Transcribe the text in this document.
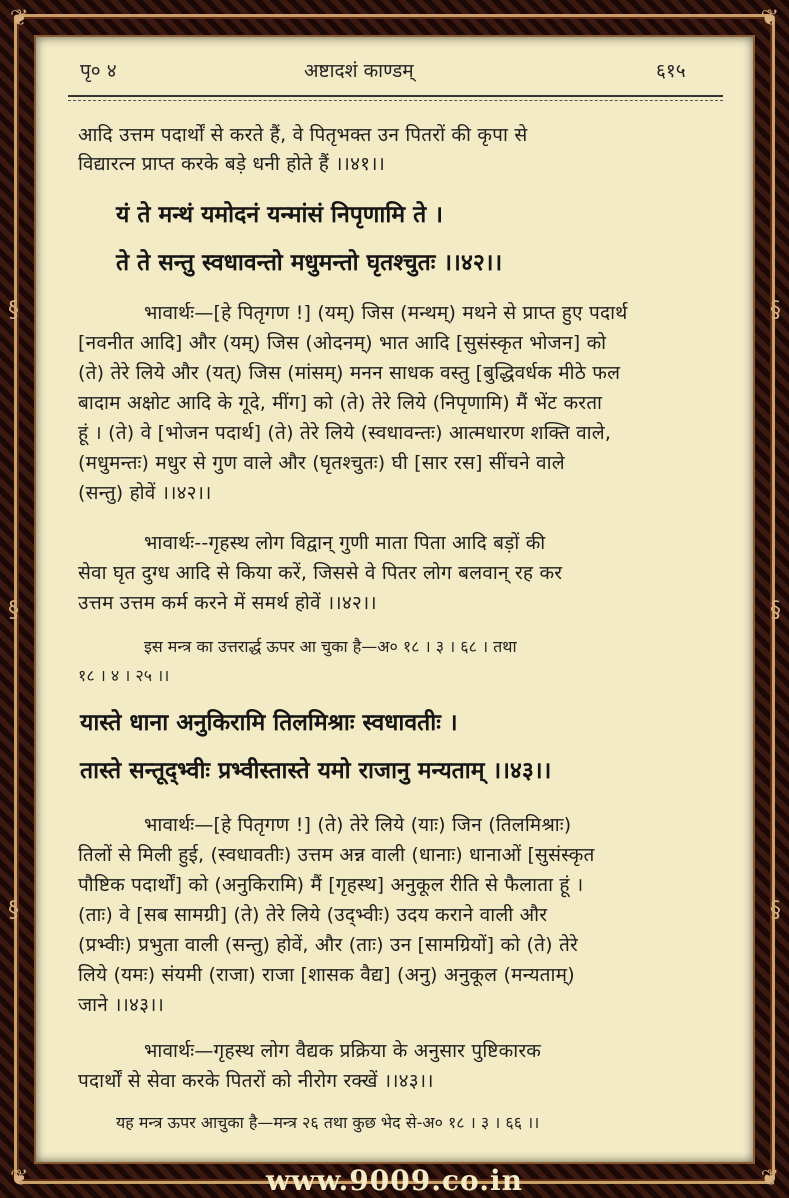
❦	❦
❦	❦
§
§
§
§
§
§
पृ० ४	अष्टादशं काण्डम्	६१५
आदि उत्तम पदार्थों से करते हैं, वे पितृभक्त उन पितरों की कृपा से
विद्यारत्न प्राप्त करके बड़े धनी होते हैं ।।४१।।
यं ते मन्थं यमोदनं यन्मांसं निपृणामि ते ।
ते ते सन्तु स्वधावन्तो मधुमन्तो घृतश्चुतः ।।४२।।
भावार्थः—[हे पितृगण !] (यम्) जिस (मन्थम्) मथने से प्राप्त हुए पदार्थ
[नवनीत आदि] और (यम्) जिस (ओदनम्) भात आदि [सुसंस्कृत भोजन] को
(ते) तेरे लिये और (यत्) जिस (मांसम्) मनन साधक वस्तु [बुद्धिवर्धक मीठे फल
बादाम अक्षोट आदि के गूदे, मींग] को (ते) तेरे लिये (निपृणामि) मैं भेंट करता
हूं । (ते) वे [भोजन पदार्थ] (ते) तेरे लिये (स्वधावन्तः) आत्मधारण शक्ति वाले,
(मधुमन्तः) मधुर से गुण वाले और (घृतश्चुतः) घी [सार रस] सींचने वाले
(सन्तु) होवें ।।४२।।
भावार्थः--गृहस्थ लोग विद्वान् गुणी माता पिता आदि बड़ों की
सेवा घृत दुग्ध आदि से किया करें, जिससे वे पितर लोग बलवान् रह कर
उत्तम उत्तम कर्म करने में समर्थ होवें ।।४२।।
इस मन्त्र का उत्तरार्द्ध ऊपर आ चुका है—अ० १८ । ३ । ६८ । तथा
१८ । ४ । २५ ।।
यास्ते धाना अनुकिरामि तिलमिश्राः स्वधावतीः ।
तास्ते सन्तूद्भ्वीः प्रभ्वीस्तास्ते यमो राजानु मन्यताम् ।।४३।।
भावार्थः—[हे पितृगण !] (ते) तेरे लिये (याः) जिन (तिलमिश्राः)
तिलों से मिली हुई, (स्वधावतीः) उत्तम अन्न वाली (धानाः) धानाओं [सुसंस्कृत
पौष्टिक पदार्थों] को (अनुकिरामि) मैं [गृहस्थ] अनुकूल रीति से फैलाता हूं ।
(ताः) वे [सब सामग्री] (ते) तेरे लिये (उद्भ्वीः) उदय कराने वाली और
(प्रभ्वीः) प्रभुता वाली (सन्तु) होवें, और (ताः) उन [सामग्रियों] को (ते) तेरे
लिये (यमः) संयमी (राजा) राजा [शासक वैद्य] (अनु) अनुकूल (मन्यताम्)
जाने ।।४३।।
भावार्थः—गृहस्थ लोग वैद्यक प्रक्रिया के अनुसार पुष्टिकारक
पदार्थों से सेवा करके पितरों को नीरोग रक्खें ।।४३।।
यह मन्त्र ऊपर आचुका है—मन्त्र २६ तथा कुछ भेद से-अ० १८ । ३ । ६६ ।।
www.9009.co.in
